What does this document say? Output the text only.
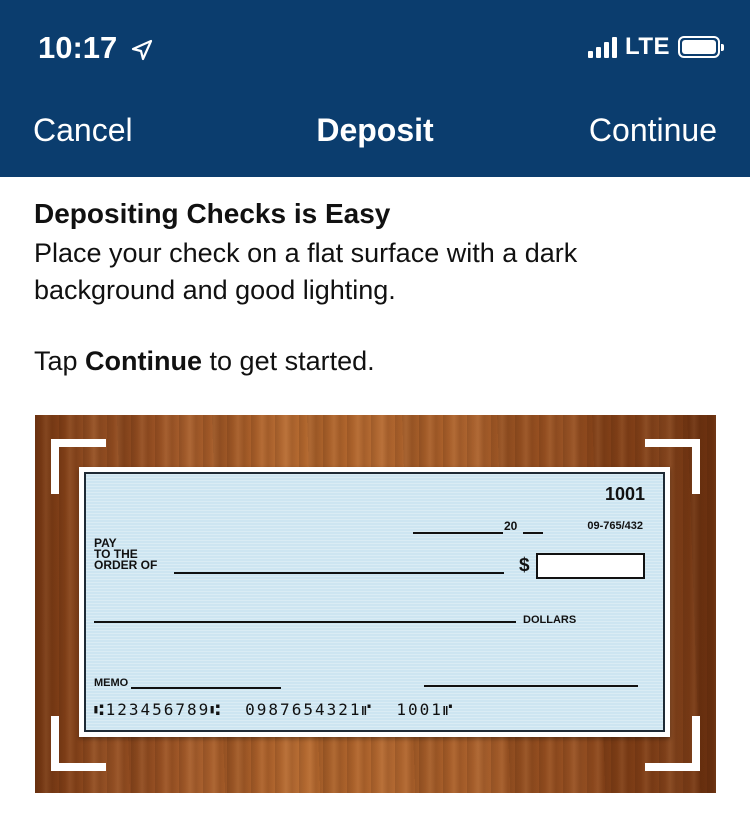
10:17	LTE
Cancel	Deposit	Continue
Depositing Checks is Easy
Place your check on a flat surface with a dark background and good lighting.
Tap Continue to get started.
1001
09-765/432
20
PAY
TO THE
ORDER OF	$
DOLLARS
MEMO
⑆123456789⑆  0987654321⑈  1001⑈
